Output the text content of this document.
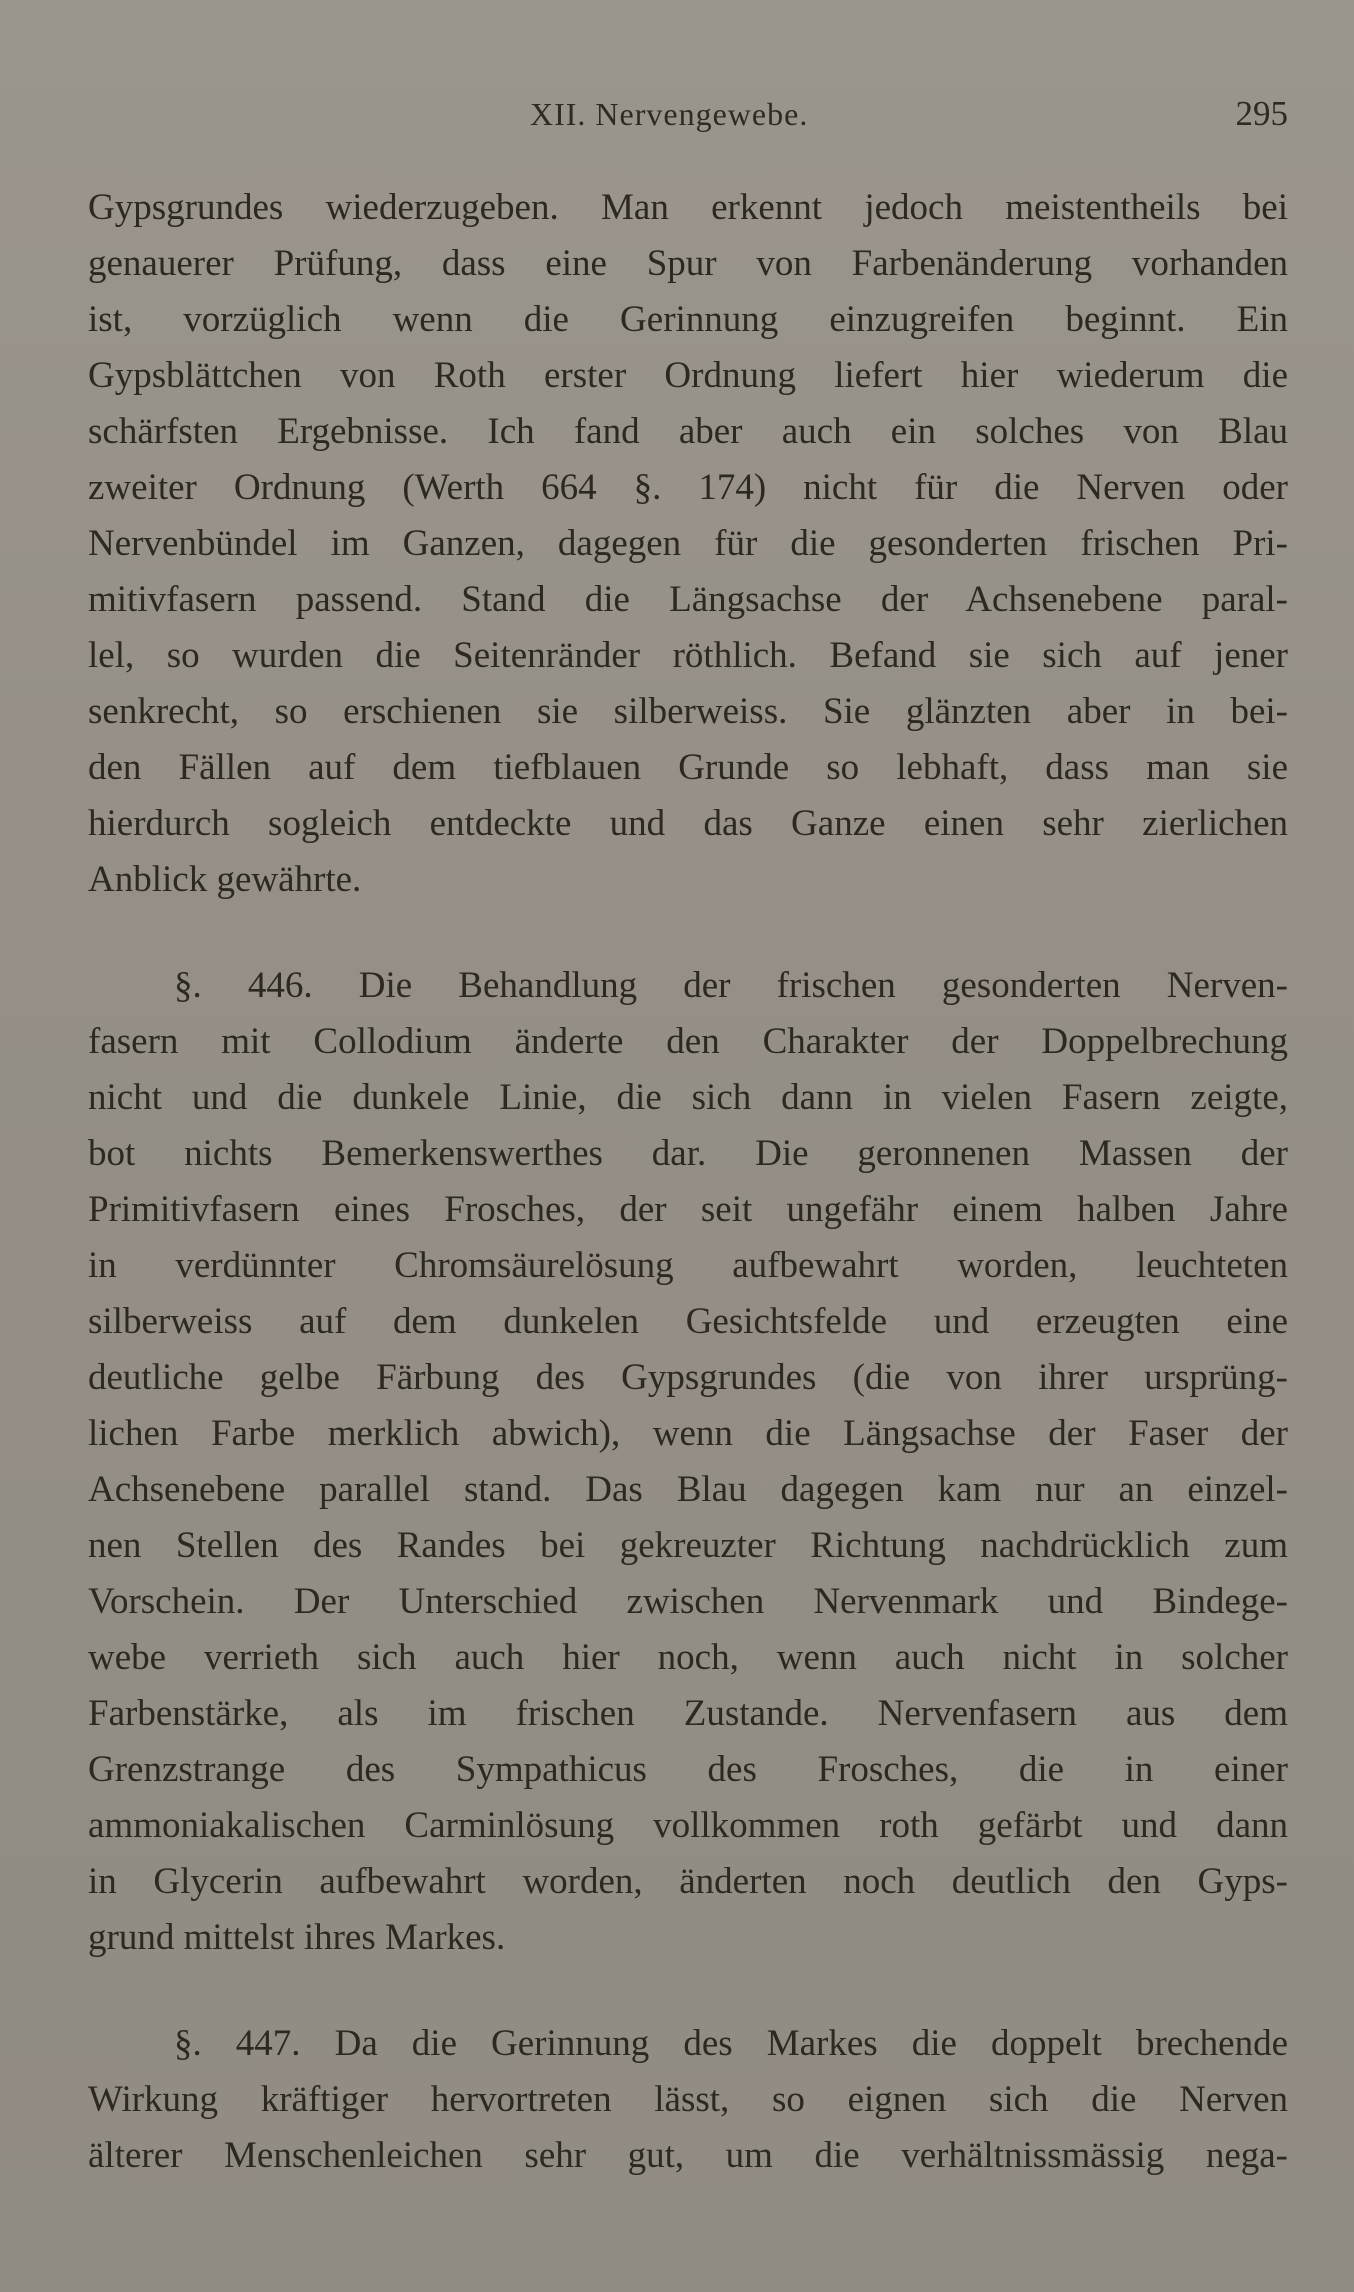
XII. Nervengewebe.	295
Gypsgrundes wiederzugeben. Man erkennt jedoch meistentheils bei
genauerer Prüfung, dass eine Spur von Farbenänderung vorhanden
ist, vorzüglich wenn die Gerinnung einzugreifen beginnt. Ein
Gypsblättchen von Roth erster Ordnung liefert hier wiederum die
schärfsten Ergebnisse. Ich fand aber auch ein solches von Blau
zweiter Ordnung (Werth 664 §. 174) nicht für die Nerven oder
Nervenbündel im Ganzen, dagegen für die gesonderten frischen Pri-
mitivfasern passend. Stand die Längsachse der Achsenebene paral-
lel, so wurden die Seitenränder röthlich. Befand sie sich auf jener
senkrecht, so erschienen sie silberweiss. Sie glänzten aber in bei-
den Fällen auf dem tiefblauen Grunde so lebhaft, dass man sie
hierdurch sogleich entdeckte und das Ganze einen sehr zierlichen
Anblick gewährte.
§. 446. Die Behandlung der frischen gesonderten Nerven-
fasern mit Collodium änderte den Charakter der Doppelbrechung
nicht und die dunkele Linie, die sich dann in vielen Fasern zeigte,
bot nichts Bemerkenswerthes dar. Die geronnenen Massen der
Primitivfasern eines Frosches, der seit ungefähr einem halben Jahre
in verdünnter Chromsäurelösung aufbewahrt worden, leuchteten
silberweiss auf dem dunkelen Gesichtsfelde und erzeugten eine
deutliche gelbe Färbung des Gypsgrundes (die von ihrer ursprüng-
lichen Farbe merklich abwich), wenn die Längsachse der Faser der
Achsenebene parallel stand. Das Blau dagegen kam nur an einzel-
nen Stellen des Randes bei gekreuzter Richtung nachdrücklich zum
Vorschein. Der Unterschied zwischen Nervenmark und Bindege-
webe verrieth sich auch hier noch, wenn auch nicht in solcher
Farbenstärke, als im frischen Zustande. Nervenfasern aus dem
Grenzstrange des Sympathicus des Frosches, die in einer
ammoniakalischen Carminlösung vollkommen roth gefärbt und dann
in Glycerin aufbewahrt worden, änderten noch deutlich den Gyps-
grund mittelst ihres Markes.
§. 447. Da die Gerinnung des Markes die doppelt brechende
Wirkung kräftiger hervortreten lässt, so eignen sich die Nerven
älterer Menschenleichen sehr gut, um die verhältnissmässig nega-
